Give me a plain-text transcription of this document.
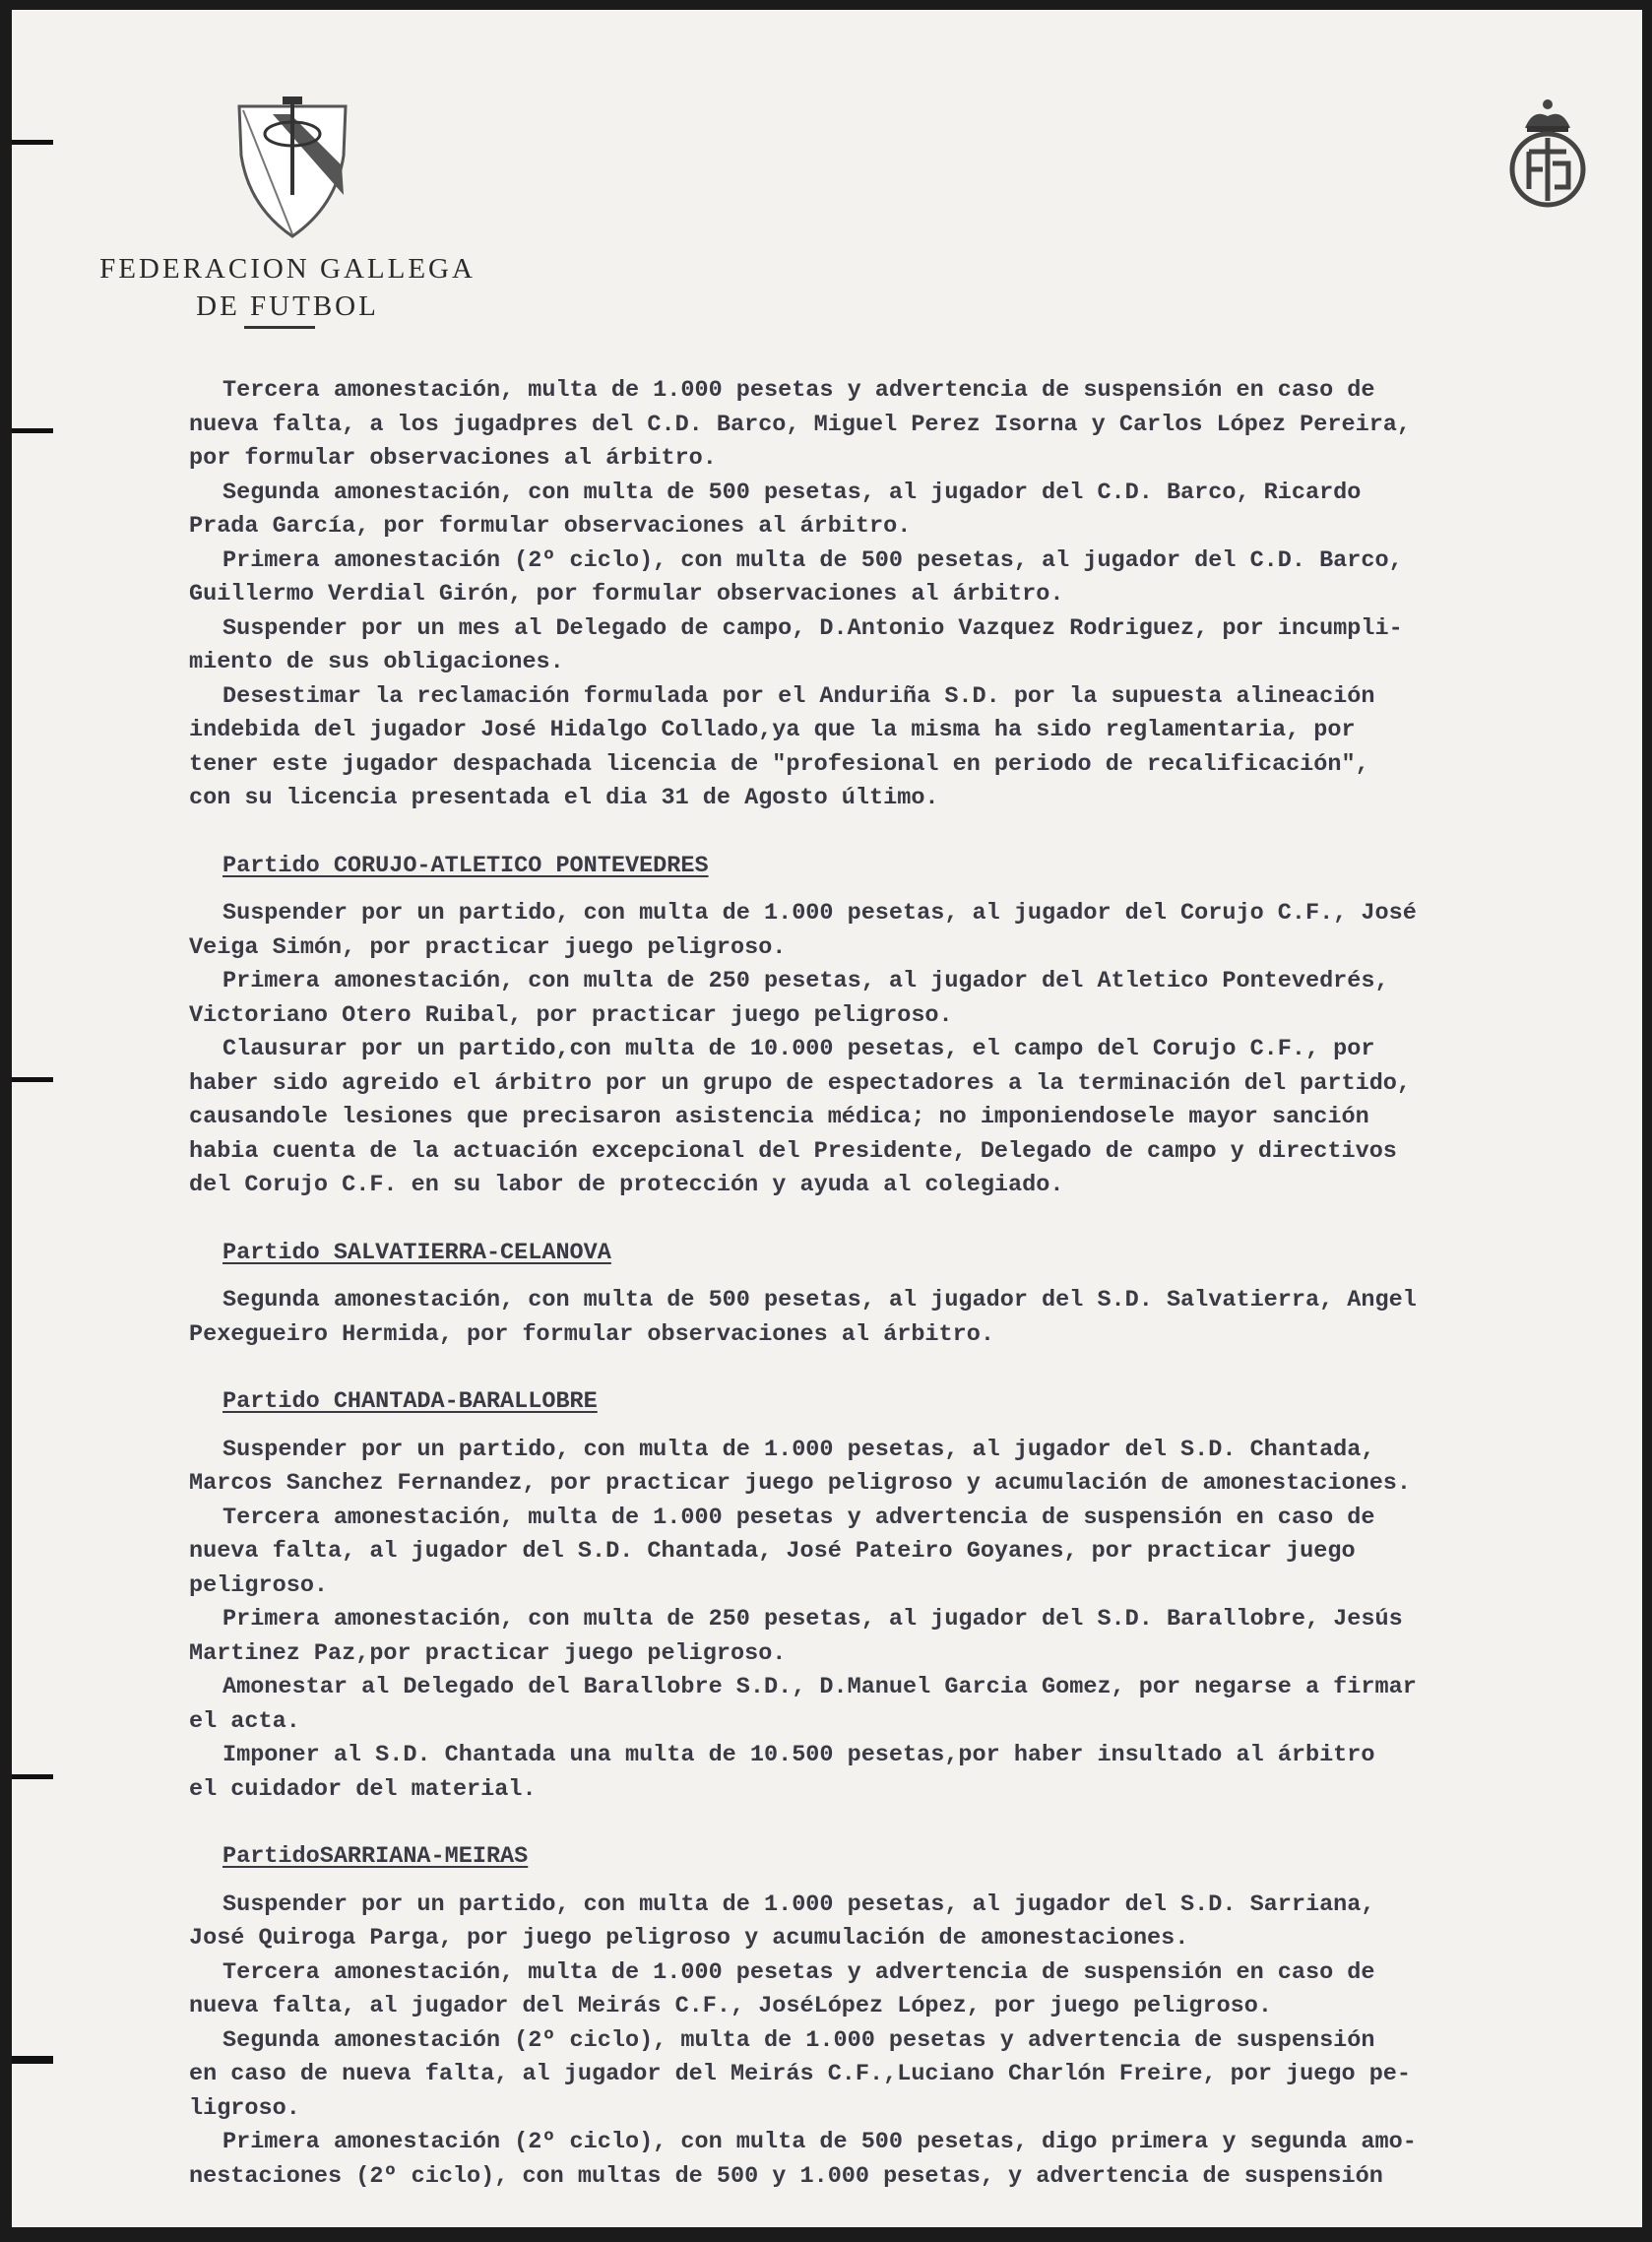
FEDERACION GALLEGA
DE FUTBOL
Tercera amonestación, multa de 1.000 pesetas y advertencia de suspensión en caso de
nueva falta, a los jugadpres del C.D. Barco, Miguel Perez Isorna y Carlos López Pereira,
por formular observaciones al árbitro.
Segunda amonestación, con multa de 500 pesetas, al jugador del C.D. Barco, Ricardo
Prada García, por formular observaciones al árbitro.
Primera amonestación (2º ciclo), con multa de 500 pesetas, al jugador del C.D. Barco,
Guillermo Verdial Girón, por formular observaciones al árbitro.
Suspender por un mes al Delegado de campo, D.Antonio Vazquez Rodriguez, por incumpli-
miento de sus obligaciones.
Desestimar la reclamación formulada por el Anduriña S.D. por la supuesta alineación
indebida del jugador José Hidalgo Collado,ya que la misma ha sido reglamentaria, por
tener este jugador despachada licencia de "profesional en periodo de recalificación",
con su licencia presentada el dia 31 de Agosto último.
Partido CORUJO-ATLETICO PONTEVEDRES
Suspender por un partido, con multa de 1.000 pesetas, al jugador del Corujo C.F., José
Veiga Simón, por practicar juego peligroso.
Primera amonestación, con multa de 250 pesetas, al jugador del Atletico Pontevedrés,
Victoriano Otero Ruibal, por practicar juego peligroso.
Clausurar por un partido,con multa de 10.000 pesetas, el campo del Corujo C.F., por
haber sido agreido el árbitro por un grupo de espectadores a la terminación del partido,
causandole lesiones que precisaron asistencia médica; no imponiendosele mayor sanción
habia cuenta de la actuación excepcional del Presidente, Delegado de campo y directivos
del Corujo C.F. en su labor de protección y ayuda al colegiado.
Partido SALVATIERRA-CELANOVA
Segunda amonestación, con multa de 500 pesetas, al jugador del S.D. Salvatierra, Angel
Pexegueiro Hermida, por formular observaciones al árbitro.
Partido CHANTADA-BARALLOBRE
Suspender por un partido, con multa de 1.000 pesetas, al jugador del S.D. Chantada,
Marcos Sanchez Fernandez, por practicar juego peligroso y acumulación de amonestaciones.
Tercera amonestación, multa de 1.000 pesetas y advertencia de suspensión en caso de
nueva falta, al jugador del S.D. Chantada, José Pateiro Goyanes, por practicar juego
peligroso.
Primera amonestación, con multa de 250 pesetas, al jugador del S.D. Barallobre, Jesús
Martinez Paz,por practicar juego peligroso.
Amonestar al Delegado del Barallobre S.D., D.Manuel Garcia Gomez, por negarse a firmar
el acta.
Imponer al S.D. Chantada una multa de 10.500 pesetas,por haber insultado al árbitro
el cuidador del material.
PartidoSARRIANA-MEIRAS
Suspender por un partido, con multa de 1.000 pesetas, al jugador del S.D. Sarriana,
José Quiroga Parga, por juego peligroso y acumulación de amonestaciones.
Tercera amonestación, multa de 1.000 pesetas y advertencia de suspensión en caso de
nueva falta, al jugador del Meirás C.F., JoséLópez López, por juego peligroso.
Segunda amonestación (2º ciclo), multa de 1.000 pesetas y advertencia de suspensión
en caso de nueva falta, al jugador del Meirás C.F.,Luciano Charlón Freire, por juego pe-
ligroso.
Primera amonestación (2º ciclo), con multa de 500 pesetas, digo primera y segunda amo-
nestaciones (2º ciclo), con multas de 500 y 1.000 pesetas, y advertencia de suspensión
